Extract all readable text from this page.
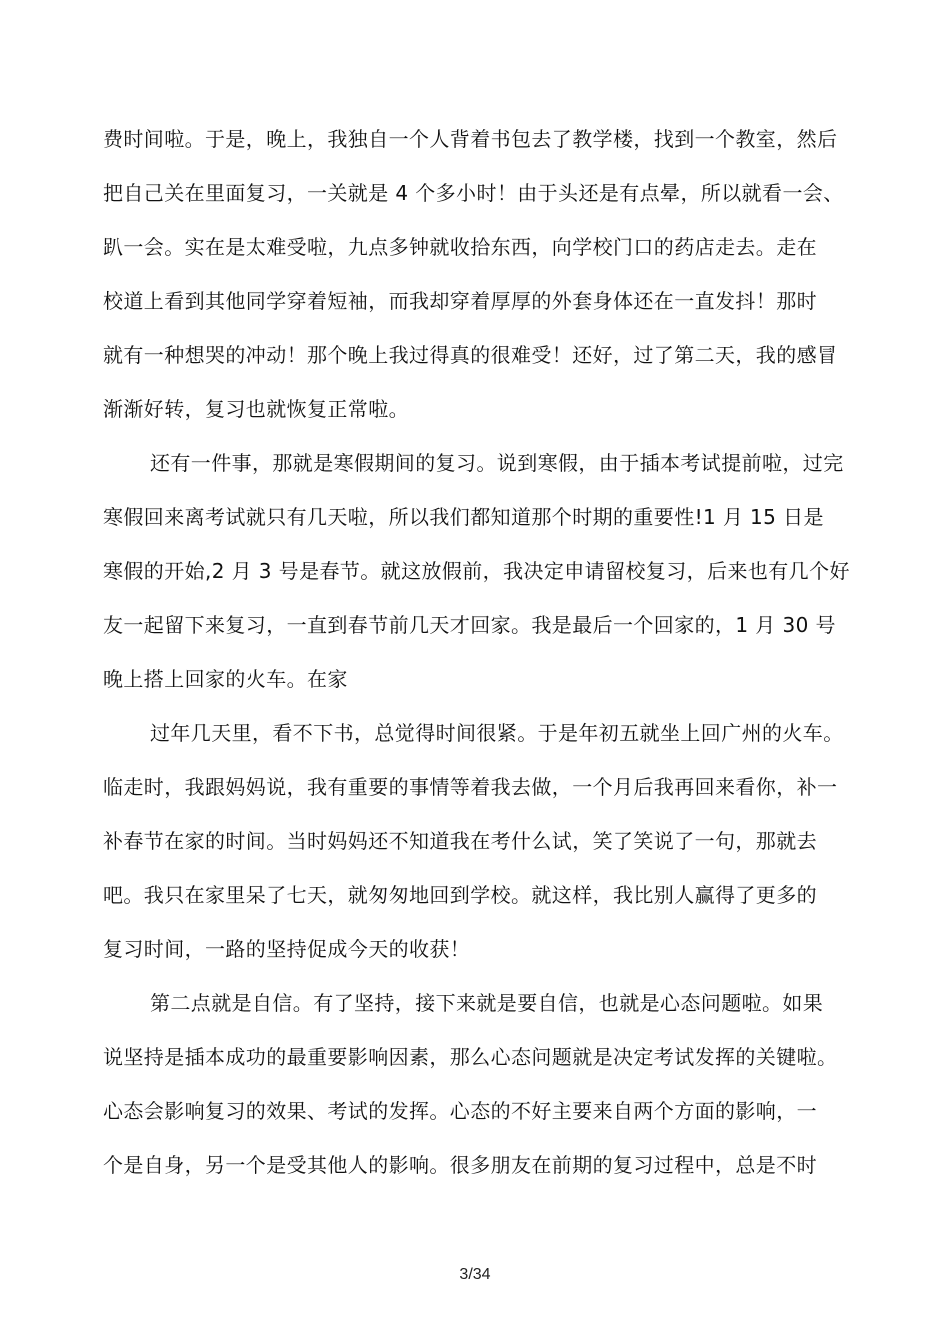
费时间啦。于是，晚上，我独自一个人背着书包去了教学楼，找到一个教室，然后
把自己关在里面复习，一关就是 4 个多小时！由于头还是有点晕，所以就看一会、
趴一会。实在是太难受啦，九点多钟就收拾东西，向学校门口的药店走去。走在
校道上看到其他同学穿着短袖，而我却穿着厚厚的外套身体还在一直发抖！那时
就有一种想哭的冲动！那个晚上我过得真的很难受！还好，过了第二天，我的感冒
渐渐好转，复习也就恢复正常啦。
还有一件事，那就是寒假期间的复习。说到寒假，由于插本考试提前啦，过完
寒假回来离考试就只有几天啦，所以我们都知道那个时期的重要性!1 月 15 日是
寒假的开始,2 月 3 号是春节。就这放假前，我决定申请留校复习，后来也有几个好
友一起留下来复习，一直到春节前几天才回家。我是最后一个回家的，1 月 30 号
晚上搭上回家的火车。在家
过年几天里，看不下书，总觉得时间很紧。于是年初五就坐上回广州的火车。
临走时，我跟妈妈说，我有重要的事情等着我去做，一个月后我再回来看你，补一
补春节在家的时间。当时妈妈还不知道我在考什么试，笑了笑说了一句，那就去
吧。我只在家里呆了七天，就匆匆地回到学校。就这样，我比别人赢得了更多的
复习时间，一路的坚持促成今天的收获！
第二点就是自信。有了坚持，接下来就是要自信，也就是心态问题啦。如果
说坚持是插本成功的最重要影响因素，那么心态问题就是决定考试发挥的关键啦。
心态会影响复习的效果、考试的发挥。心态的不好主要来自两个方面的影响，一
个是自身，另一个是受其他人的影响。很多朋友在前期的复习过程中，总是不时
3/34
